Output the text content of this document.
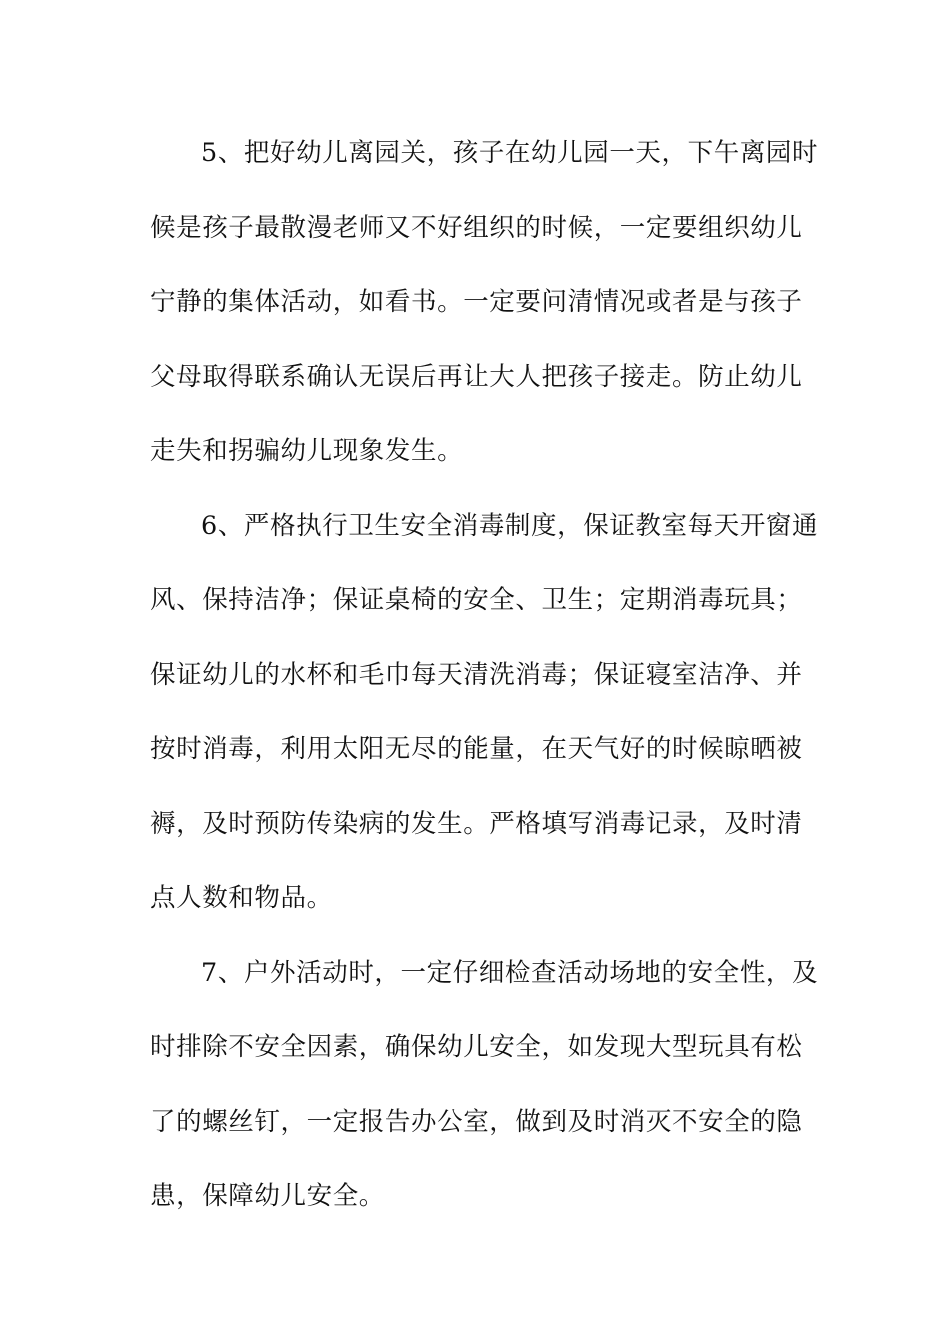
5、把好幼儿离园关，孩子在幼儿园一天，下午离园时
候是孩子最散漫老师又不好组织的时候，一定要组织幼儿
宁静的集体活动，如看书。一定要问清情况或者是与孩子
父母取得联系确认无误后再让大人把孩子接走。防止幼儿
走失和拐骗幼儿现象发生。
6、严格执行卫生安全消毒制度，保证教室每天开窗通
风、保持洁净；保证桌椅的安全、卫生；定期消毒玩具；
保证幼儿的水杯和毛巾每天清洗消毒；保证寝室洁净、并
按时消毒，利用太阳无尽的能量，在天气好的时候晾晒被
褥，及时预防传染病的发生。严格填写消毒记录，及时清
点人数和物品。
7、户外活动时，一定仔细检查活动场地的安全性，及
时排除不安全因素，确保幼儿安全，如发现大型玩具有松
了的螺丝钉，一定报告办公室，做到及时消灭不安全的隐
患，保障幼儿安全。
